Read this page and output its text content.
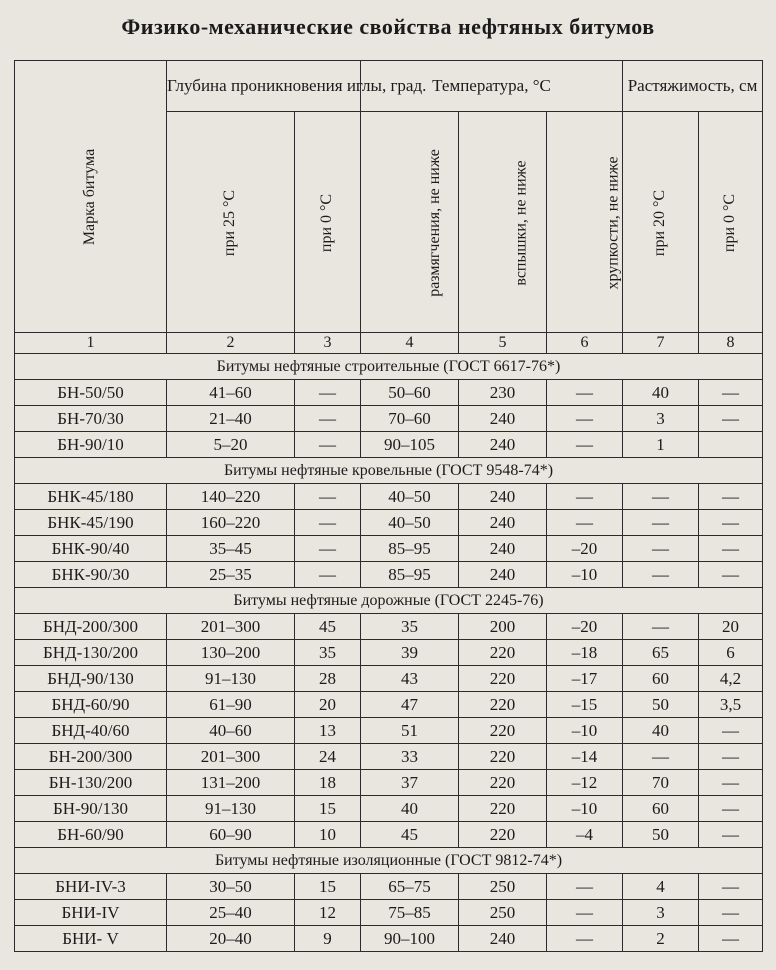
Физико-механические свойства нефтяных битумов
Марка битума	Глубина проникновения иглы, град.		Температура, °С			Растяжимость, см	
	при 25 °С	при 0 °С	размягчения, не ниже	вспышки, не ниже	хрупкости, не ниже	при 20 °С	при 0 °С
1	2	3	4	5	6	7	8
Битумы нефтяные строительные (ГОСТ 6617-76*)							
БН-50/50	41–60	—	50–60	230	—	40	—
БН-70/30	21–40	—	70–60	240	—	3	—
БН-90/10	5–20	—	90–105	240	—	1	
Битумы нефтяные кровельные (ГОСТ 9548-74*)							
БНК-45/180	140–220	—	40–50	240	—	—	—
БНК-45/190	160–220	—	40–50	240	—	—	—
БНК-90/40	35–45	—	85–95	240	–20	—	—
БНК-90/30	25–35	—	85–95	240	–10	—	—
Битумы нефтяные дорожные (ГОСТ 2245-76)							
БНД-200/300	201–300	45	35	200	–20	—	20
БНД-130/200	130–200	35	39	220	–18	65	6
БНД-90/130	91–130	28	43	220	–17	60	4,2
БНД-60/90	61–90	20	47	220	–15	50	3,5
БНД-40/60	40–60	13	51	220	–10	40	—
БН-200/300	201–300	24	33	220	–14	—	—
БН-130/200	131–200	18	37	220	–12	70	—
БН-90/130	91–130	15	40	220	–10	60	—
БН-60/90	60–90	10	45	220	–4	50	—
Битумы нефтяные изоляционные (ГОСТ 9812-74*)							
БНИ-IV-3	30–50	15	65–75	250	—	4	—
БНИ-IV	25–40	12	75–85	250	—	3	—
БНИ- V	20–40	9	90–100	240	—	2	—
